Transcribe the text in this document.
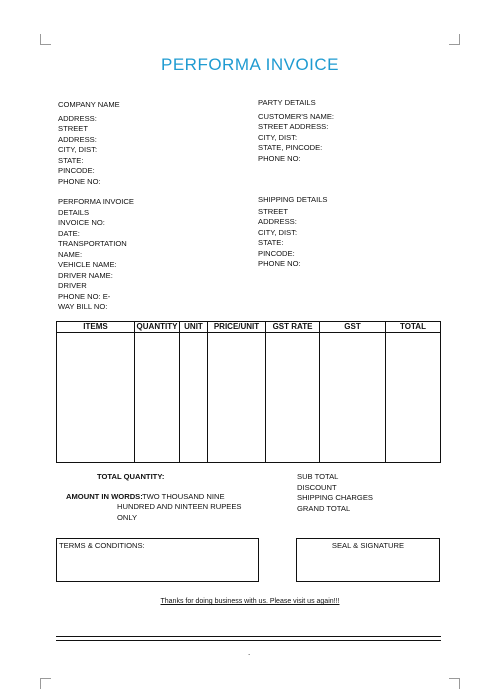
PERFORMA INVOICE
COMPANY NAME
ADDRESS:
STREET
ADDRESS:
CITY, DIST:
STATE:
PINCODE:
PHONE NO:
PARTY DETAILS
CUSTOMER'S NAME:
STREET ADDRESS:
CITY, DIST:
STATE, PINCODE:
PHONE NO:
PERFORMA INVOICE
DETAILS
INVOICE NO:
DATE:
TRANSPORTATION
NAME:
VEHICLE NAME:
DRIVER NAME:
DRIVER
PHONE NO: E-
WAY BILL NO:
SHIPPING DETAILS
STREET
ADDRESS:
CITY, DIST:
STATE:
PINCODE:
PHONE NO:
ITEMS	QUANTITY	UNIT	PRICE/UNIT	GST RATE	GST	TOTAL

TOTAL QUANTITY:
AMOUNT IN WORDS: TWO THOUSAND NINE
HUNDRED AND NINTEEN RUPEES
ONLY
SUB TOTAL
DISCOUNT
SHIPPING CHARGES
GRAND TOTAL
TERMS & CONDITIONS:	SEAL & SIGNATURE
Thanks for doing business with us. Please visit us again!!!
.
